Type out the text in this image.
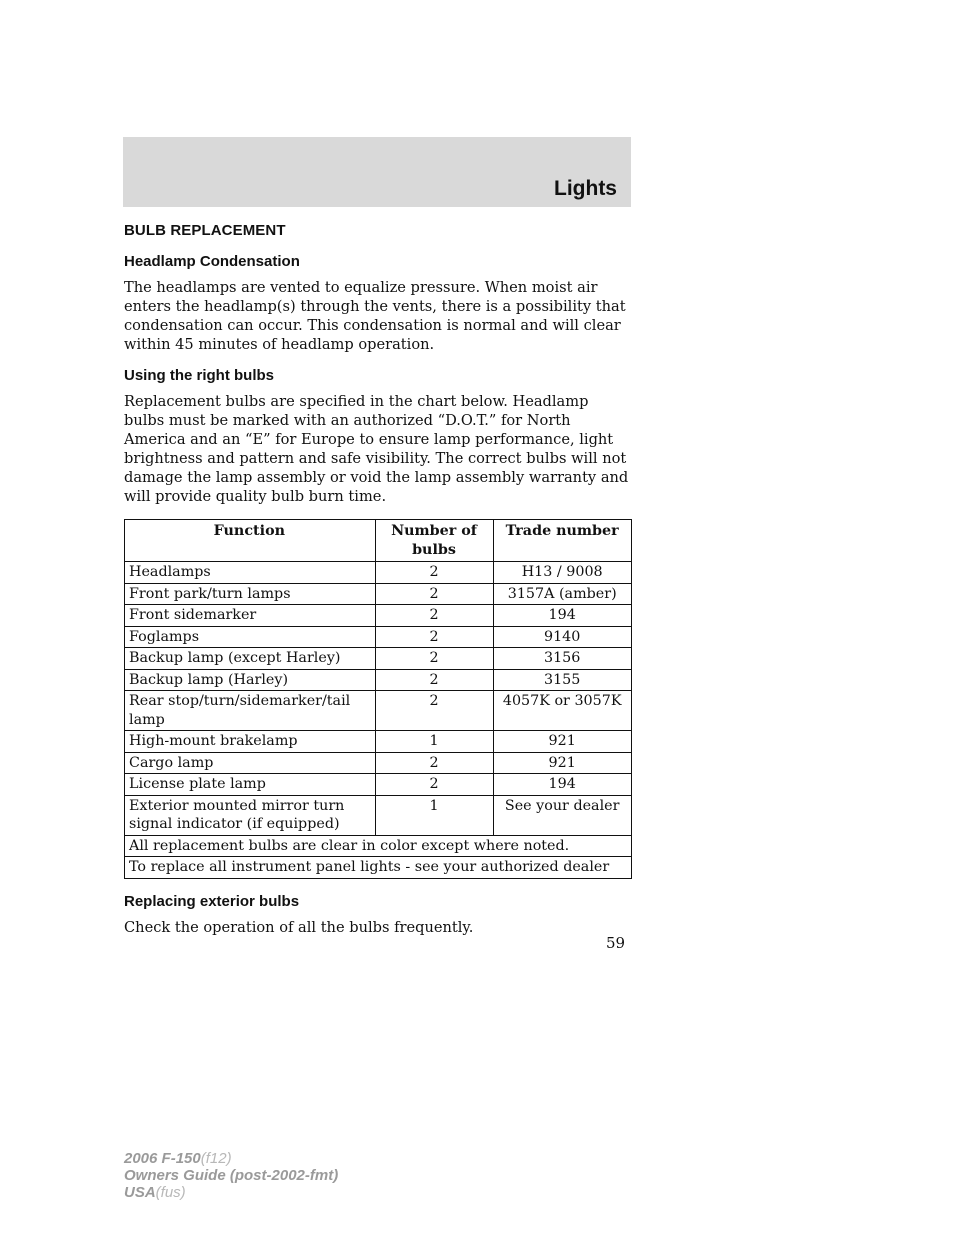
Lights
BULB REPLACEMENT
Headlamp Condensation

The headlamps are vented to equalize pressure. When moist air enters the headlamp(s) through the vents, there is a possibility that condensation can occur. This condensation is normal and will clear within 45 minutes of headlamp operation.

Using the right bulbs

Replacement bulbs are specified in the chart below. Headlamp bulbs must be marked with an authorized “D.O.T.” for North America and an “E” for Europe to ensure lamp performance, light brightness and pattern and safe visibility. The correct bulbs will not damage the lamp assembly or void the lamp assembly warranty and will provide quality bulb burn time.

Function	Number of bulbs	Trade number
Headlamps	2	H13 / 9008
Front park/turn lamps	2	3157A (amber)
Front sidemarker	2	194
Foglamps	2	9140
Backup lamp (except Harley)	2	3156
Backup lamp (Harley)	2	3155
Rear stop/turn/sidemarker/tail lamp	2	4057K or 3057K
High-mount brakelamp	1	921
Cargo lamp	2	921
License plate lamp	2	194
Exterior mounted mirror turn signal indicator (if equipped)	1	See your dealer
All replacement bulbs are clear in color except where noted.		
To replace all instrument panel lights - see your authorized dealer		
Replacing exterior bulbs

Check the operation of all the bulbs frequently.

59
2006 F-150(f12)
Owners Guide (post-2002-fmt)
USA(fus)
carmanualsonline.info
